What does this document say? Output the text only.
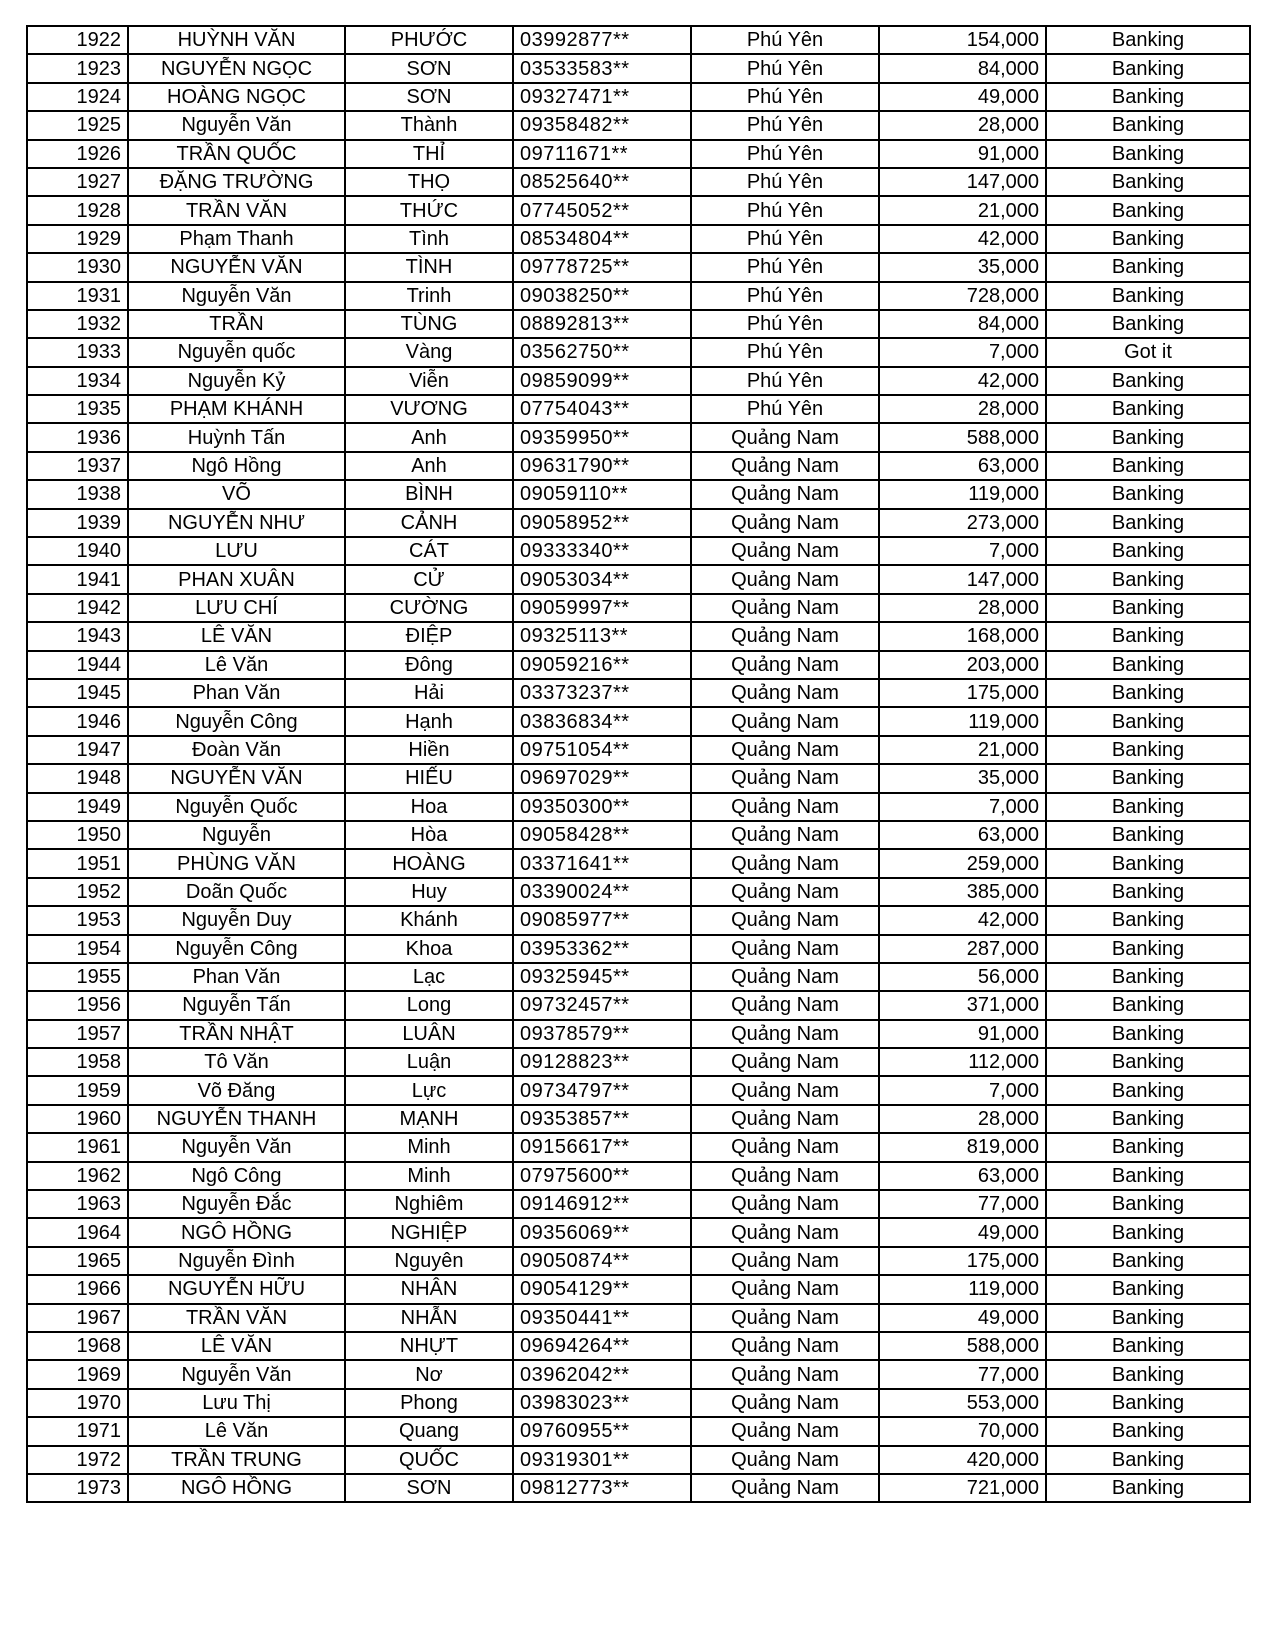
1922	HUỲNH VĂN	PHƯỚC	03992877**	Phú Yên	154,000	Banking
1923	NGUYỄN NGỌC	SƠN	03533583**	Phú Yên	84,000	Banking
1924	HOÀNG NGỌC	SƠN	09327471**	Phú Yên	49,000	Banking
1925	Nguyễn Văn	Thành	09358482**	Phú Yên	28,000	Banking
1926	TRẦN QUỐC	THỈ	09711671**	Phú Yên	91,000	Banking
1927	ĐẶNG TRƯỜNG	THỌ	08525640**	Phú Yên	147,000	Banking
1928	TRẦN VĂN	THỨC	07745052**	Phú Yên	21,000	Banking
1929	Phạm Thanh	Tình	08534804**	Phú Yên	42,000	Banking
1930	NGUYỄN VĂN	TÌNH	09778725**	Phú Yên	35,000	Banking
1931	Nguyễn Văn	Trinh	09038250**	Phú Yên	728,000	Banking
1932	TRẦN	TÙNG	08892813**	Phú Yên	84,000	Banking
1933	Nguyễn quốc	Vàng	03562750**	Phú Yên	7,000	Got it
1934	Nguyễn Kỷ	Viễn	09859099**	Phú Yên	42,000	Banking
1935	PHẠM KHÁNH	VƯƠNG	07754043**	Phú Yên	28,000	Banking
1936	Huỳnh Tấn	Anh	09359950**	Quảng Nam	588,000	Banking
1937	Ngô Hồng	Anh	09631790**	Quảng Nam	63,000	Banking
1938	VÕ	BÌNH	09059110**	Quảng Nam	119,000	Banking
1939	NGUYỄN NHƯ	CẢNH	09058952**	Quảng Nam	273,000	Banking
1940	LƯU	CÁT	09333340**	Quảng Nam	7,000	Banking
1941	PHAN XUÂN	CỬ	09053034**	Quảng Nam	147,000	Banking
1942	LƯU CHÍ	CƯỜNG	09059997**	Quảng Nam	28,000	Banking
1943	LÊ VĂN	ĐIỆP	09325113**	Quảng Nam	168,000	Banking
1944	Lê Văn	Đông	09059216**	Quảng Nam	203,000	Banking
1945	Phan Văn	Hải	03373237**	Quảng Nam	175,000	Banking
1946	Nguyễn Công	Hạnh	03836834**	Quảng Nam	119,000	Banking
1947	Đoàn Văn	Hiền	09751054**	Quảng Nam	21,000	Banking
1948	NGUYỄN VĂN	HIẾU	09697029**	Quảng Nam	35,000	Banking
1949	Nguyễn Quốc	Hoa	09350300**	Quảng Nam	7,000	Banking
1950	Nguyễn	Hòa	09058428**	Quảng Nam	63,000	Banking
1951	PHÙNG VĂN	HOÀNG	03371641**	Quảng Nam	259,000	Banking
1952	Doãn Quốc	Huy	03390024**	Quảng Nam	385,000	Banking
1953	Nguyễn Duy	Khánh	09085977**	Quảng Nam	42,000	Banking
1954	Nguyễn Công	Khoa	03953362**	Quảng Nam	287,000	Banking
1955	Phan Văn	Lạc	09325945**	Quảng Nam	56,000	Banking
1956	Nguyễn Tấn	Long	09732457**	Quảng Nam	371,000	Banking
1957	TRẦN NHẬT	LUÂN	09378579**	Quảng Nam	91,000	Banking
1958	Tô Văn	Luận	09128823**	Quảng Nam	112,000	Banking
1959	Võ Đăng	Lực	09734797**	Quảng Nam	7,000	Banking
1960	NGUYỄN THANH	MẠNH	09353857**	Quảng Nam	28,000	Banking
1961	Nguyễn Văn	Minh	09156617**	Quảng Nam	819,000	Banking
1962	Ngô Công	Minh	07975600**	Quảng Nam	63,000	Banking
1963	Nguyễn Đắc	Nghiêm	09146912**	Quảng Nam	77,000	Banking
1964	NGÔ HỒNG	NGHIỆP	09356069**	Quảng Nam	49,000	Banking
1965	Nguyễn Đình	Nguyên	09050874**	Quảng Nam	175,000	Banking
1966	NGUYỄN HỮU	NHÂN	09054129**	Quảng Nam	119,000	Banking
1967	TRẦN VĂN	NHẪN	09350441**	Quảng Nam	49,000	Banking
1968	LÊ VĂN	NHỰT	09694264**	Quảng Nam	588,000	Banking
1969	Nguyễn Văn	Nơ	03962042**	Quảng Nam	77,000	Banking
1970	Lưu Thị	Phong	03983023**	Quảng Nam	553,000	Banking
1971	Lê Văn	Quang	09760955**	Quảng Nam	70,000	Banking
1972	TRẦN TRUNG	QUỐC	09319301**	Quảng Nam	420,000	Banking
1973	NGÔ HỒNG	SƠN	09812773**	Quảng Nam	721,000	Banking
